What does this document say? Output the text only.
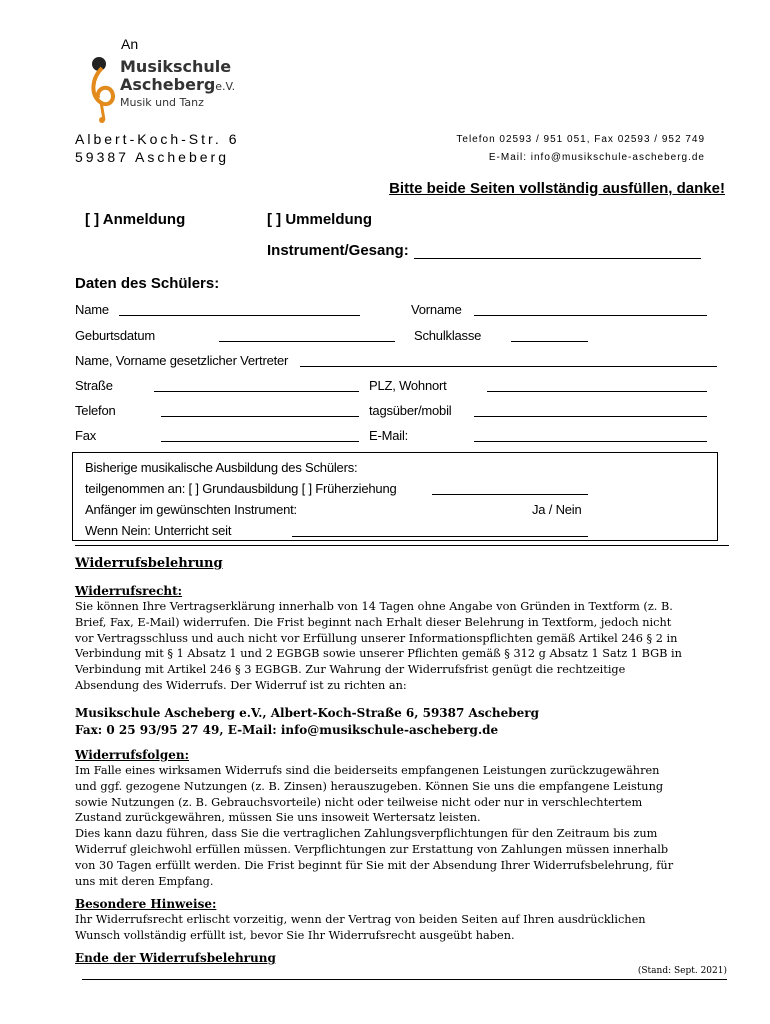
An
Musikschule
Ascheberge.V.
Musik und Tanz
Albert-Koch-Str. 6
59387 Ascheberg
Telefon 02593 / 951 051, Fax 02593 / 952 749
E-Mail: info@musikschule-ascheberg.de
Bitte beide Seiten vollständig ausfüllen, danke!
[ ] Anmeldung	[ ] Ummeldung
Instrument/Gesang:
Daten des Schülers:
Name	Vorname
Geburtsdatum	Schulklasse
Name, Vorname gesetzlicher Vertreter
Straße	PLZ, Wohnort
Telefon	tagsüber/mobil
Fax	E-Mail:
Bisherige musikalische Ausbildung des Schülers:
teilgenommen an: [ ] Grundausbildung [ ] Früherziehung
Anfänger im gewünschten Instrument:	Ja / Nein
Wenn Nein: Unterricht seit
Widerrufsbelehrung
Widerrufsrecht:
Sie können Ihre Vertragserklärung innerhalb von 14 Tagen ohne Angabe von Gründen in Textform (z. B.
Brief, Fax, E-Mail) widerrufen. Die Frist beginnt nach Erhalt dieser Belehrung in Textform, jedoch nicht
vor Vertragsschluss und auch nicht vor Erfüllung unserer Informationspflichten gemäß Artikel 246 § 2 in
Verbindung mit § 1 Absatz 1 und 2 EGBGB sowie unserer Pflichten gemäß § 312 g Absatz 1 Satz 1 BGB in
Verbindung mit Artikel 246 § 3 EGBGB. Zur Wahrung der Widerrufsfrist genügt die rechtzeitige
Absendung des Widerrufs. Der Widerruf ist zu richten an:
Musikschule Ascheberg e.V., Albert-Koch-Straße 6, 59387 Ascheberg
Fax: 0 25 93/95 27 49, E-Mail: info@musikschule-ascheberg.de
Widerrufsfolgen:
Im Falle eines wirksamen Widerrufs sind die beiderseits empfangenen Leistungen zurückzugewähren
und ggf. gezogene Nutzungen (z. B. Zinsen) herauszugeben. Können Sie uns die empfangene Leistung
sowie Nutzungen (z. B. Gebrauchsvorteile) nicht oder teilweise nicht oder nur in verschlechtertem
Zustand zurückgewähren, müssen Sie uns insoweit Wertersatz leisten.
Dies kann dazu führen, dass Sie die vertraglichen Zahlungsverpflichtungen für den Zeitraum bis zum
Widerruf gleichwohl erfüllen müssen. Verpflichtungen zur Erstattung von Zahlungen müssen innerhalb
von 30 Tagen erfüllt werden. Die Frist beginnt für Sie mit der Absendung Ihrer Widerrufsbelehrung, für
uns mit deren Empfang.
Besondere Hinweise:
Ihr Widerrufsrecht erlischt vorzeitig, wenn der Vertrag von beiden Seiten auf Ihren ausdrücklichen
Wunsch vollständig erfüllt ist, bevor Sie Ihr Widerrufsrecht ausgeübt haben.
Ende der Widerrufsbelehrung
(Stand: Sept. 2021)
